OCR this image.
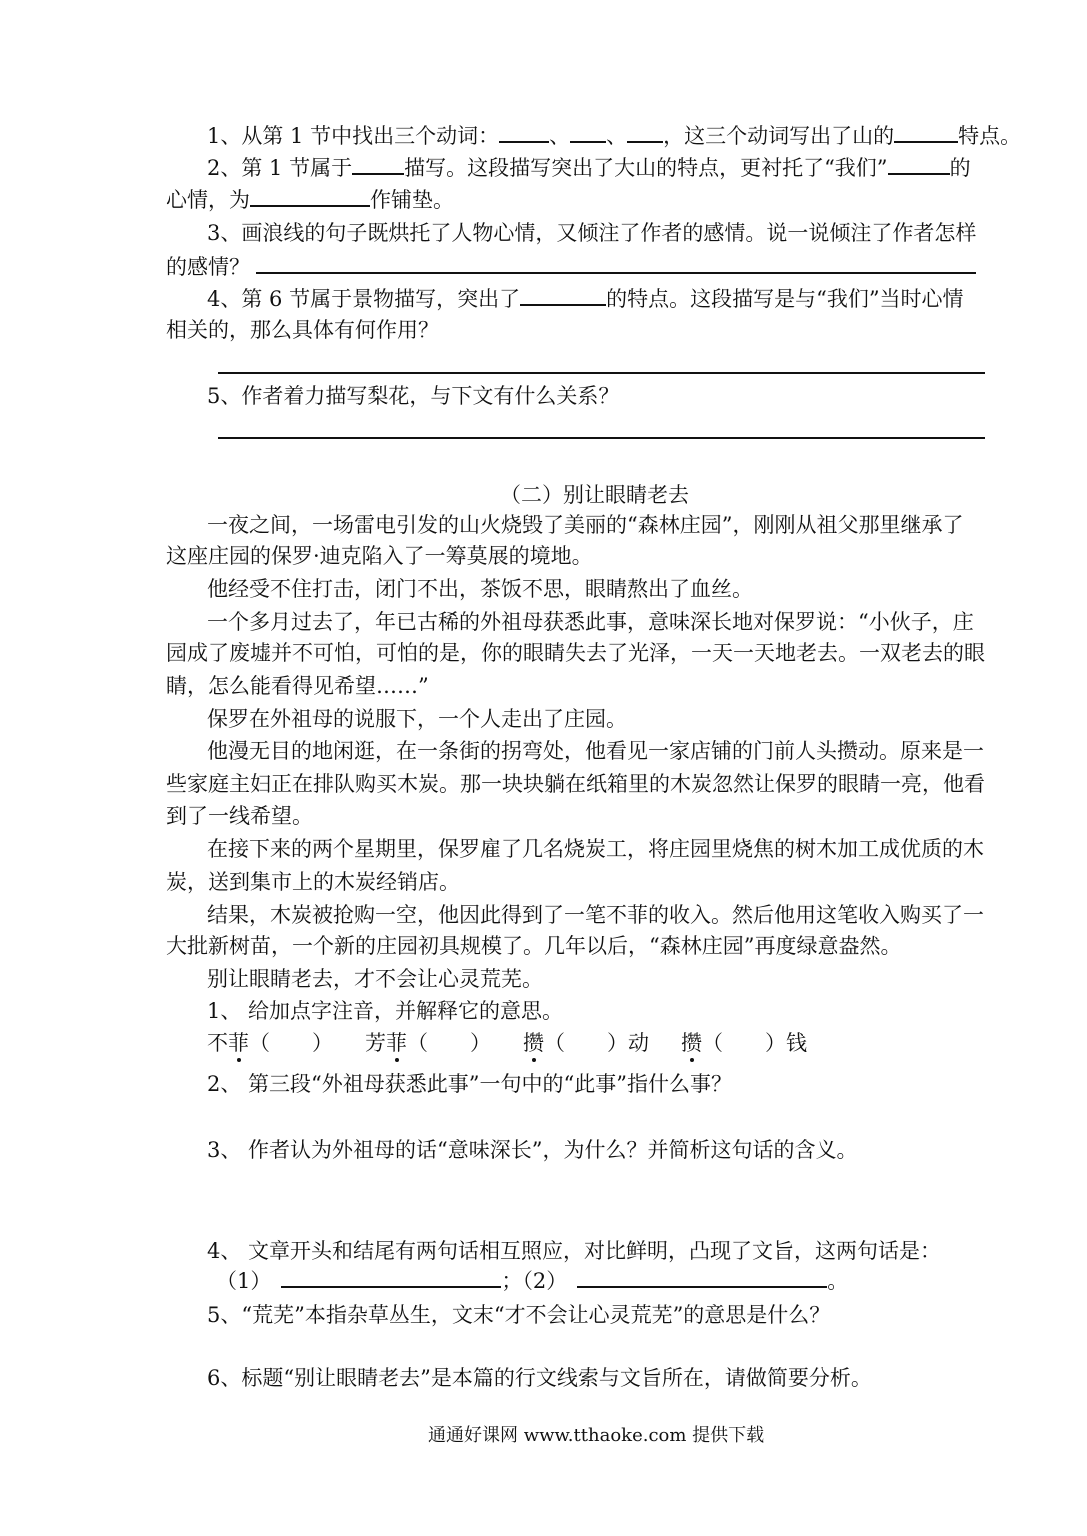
1、从第 1 节中找出三个动词： 、 、 ，这三个动词写出了山的	特点。
2、第 1 节属于 描写。这段描写突出了大山的特点，更衬托了“我们”	的
心情，为	作铺垫。
3、画浪线的句子既烘托了人物心情，又倾注了作者的感情。说一说倾注了作者怎样
的感情？
4、第 6 节属于景物描写，突出了	的特点。这段描写是与“我们”当时心情
相关的，那么具体有何作用？
5、作者着力描写梨花，与下文有什么关系？
（二）别让眼睛老去
一夜之间，一场雷电引发的山火烧毁了美丽的“森林庄园”，刚刚从祖父那里继承了
这座庄园的保罗·迪克陷入了一筹莫展的境地。
他经受不住打击，闭门不出，茶饭不思，眼睛熬出了血丝。
一个多月过去了，年已古稀的外祖母获悉此事，意味深长地对保罗说：“小伙子，庄
园成了废墟并不可怕，可怕的是，你的眼睛失去了光泽，一天一天地老去。一双老去的眼
睛，怎么能看得见希望……”
保罗在外祖母的说服下，一个人走出了庄园。
他漫无目的地闲逛，在一条街的拐弯处，他看见一家店铺的门前人头攒动。原来是一
些家庭主妇正在排队购买木炭。那一块块躺在纸箱里的木炭忽然让保罗的眼睛一亮，他看
到了一线希望。
在接下来的两个星期里，保罗雇了几名烧炭工，将庄园里烧焦的树木加工成优质的木
炭，送到集市上的木炭经销店。
结果，木炭被抢购一空，他因此得到了一笔不菲的收入。然后他用这笔收入购买了一
大批新树苗，一个新的庄园初具规模了。几年以后，“森林庄园”再度绿意盎然。
别让眼睛老去，才不会让心灵荒芜。
1、 给加点字注音，并解释它的意思。
不菲（　　） 芳菲（　　） 攒（　　）动 攒（　　）钱
2、 第三段“外祖母获悉此事”一句中的“此事”指什么事？
3、 作者认为外祖母的话“意味深长”，为什么？并简析这句话的含义。
4、 文章开头和结尾有两句话相互照应，对比鲜明，凸现了文旨，这两句话是：
（1）	；（2）	。
5、“荒芜”本指杂草丛生，文末“才不会让心灵荒芜”的意思是什么？
6、标题“别让眼睛老去”是本篇的行文线索与文旨所在，请做简要分析。
通通好课网 www.tthaoke.com 提供下载
